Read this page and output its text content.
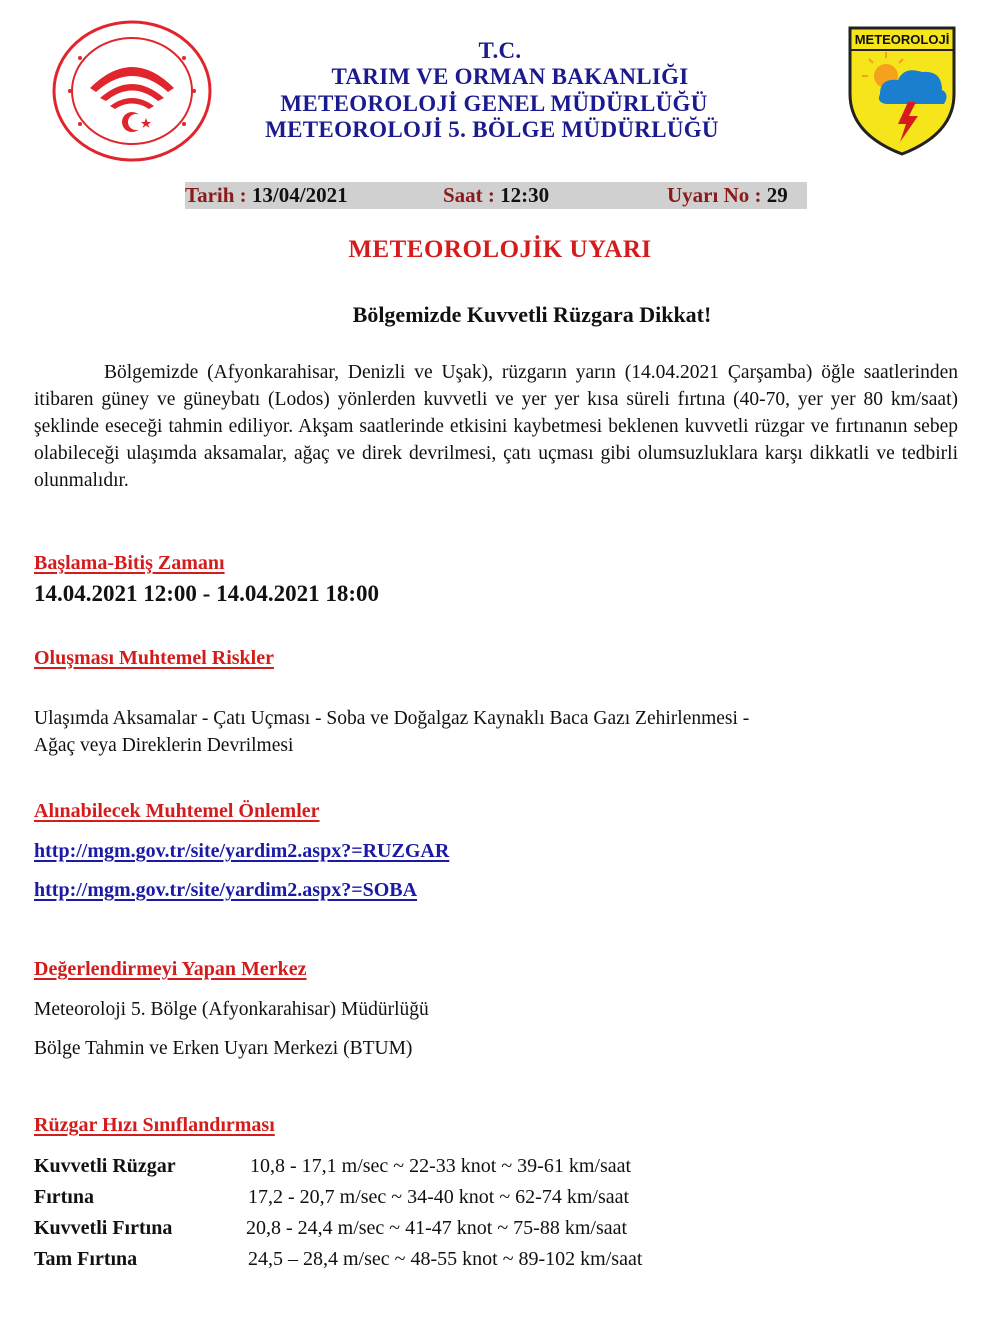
METEOROLOJİ
T.C.
TARIM VE ORMAN BAKANLIĞI
METEOROLOJİ GENEL MÜDÜRLÜĞÜ
METEOROLOJİ 5. BÖLGE MÜDÜRLÜĞÜ
Tarih : 13/04/2021	Saat : 12:30	Uyarı No : 29
METEOROLOJİK UYARI
Bölgemizde Kuvvetli Rüzgara Dikkat!
Bölgemizde (Afyonkarahisar, Denizli ve Uşak), rüzgarın yarın (14.04.2021 Çarşamba) öğle saatlerinden itibaren güney ve güneybatı (Lodos) yönlerden kuvvetli ve yer yer kısa süreli fırtına (40-70, yer yer 80 km/saat) şeklinde eseceği tahmin ediliyor. Akşam saatlerinde etkisini kaybetmesi beklenen kuvvetli rüzgar ve fırtınanın sebep olabileceği ulaşımda aksamalar, ağaç ve direk devrilmesi, çatı uçması gibi olumsuzluklara karşı dikkatli ve tedbirli olunmalıdır.
Başlama-Bitiş Zamanı
14.04.2021 12:00 - 14.04.2021 18:00
Oluşması Muhtemel Riskler
Ulaşımda Aksamalar - Çatı Uçması - Soba ve Doğalgaz Kaynaklı Baca Gazı Zehirlenmesi -
Ağaç veya Direklerin Devrilmesi
Alınabilecek Muhtemel Önlemler
http://mgm.gov.tr/site/yardim2.aspx?=RUZGAR
http://mgm.gov.tr/site/yardim2.aspx?=SOBA
Değerlendirmeyi Yapan Merkez
Meteoroloji 5. Bölge (Afyonkarahisar) Müdürlüğü
Bölge Tahmin ve Erken Uyarı Merkezi (BTUM)
Rüzgar Hızı Sınıflandırması
Kuvvetli Rüzgar	10,8 - 17,1 m/sec ~ 22-33 knot ~ 39-61 km/saat
Fırtına	17,2 - 20,7 m/sec ~ 34-40 knot ~ 62-74 km/saat
Kuvvetli Fırtına	20,8 - 24,4 m/sec ~ 41-47 knot ~ 75-88 km/saat
Tam Fırtına	24,5 – 28,4 m/sec ~ 48-55 knot ~ 89-102 km/saat
